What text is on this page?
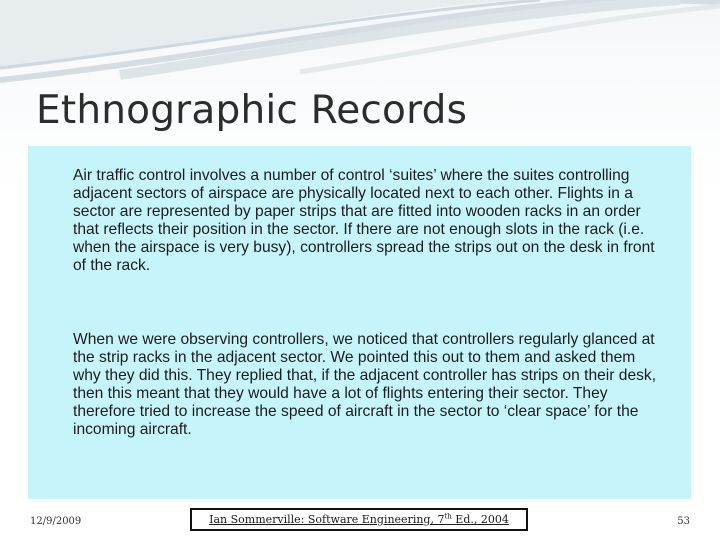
Ethnographic Records

Air traffic control involves a number of control ‘suites’ where the suites controlling adjacent sectors of airspace are physically located next to each other. Flights in a sector are represented by paper strips that are fitted into wooden racks in an order that reflects their position in the sector. If there are not enough slots in the rack (i.e. when the airspace is very busy), controllers spread the strips out on the desk in front of the rack.

When we were observing controllers, we noticed that controllers regularly glanced at the strip racks in the adjacent sector. We pointed this out to them and asked them why they did this. They replied that, if the adjacent controller has strips on their desk, then this meant that they would have a lot of flights entering their sector. They therefore tried to increase the speed of aircraft in the sector to ‘clear space’ for the incoming aircraft.

12/9/2009	Ian Sommerville: Software Engineering, 7th Ed., 2004	53
